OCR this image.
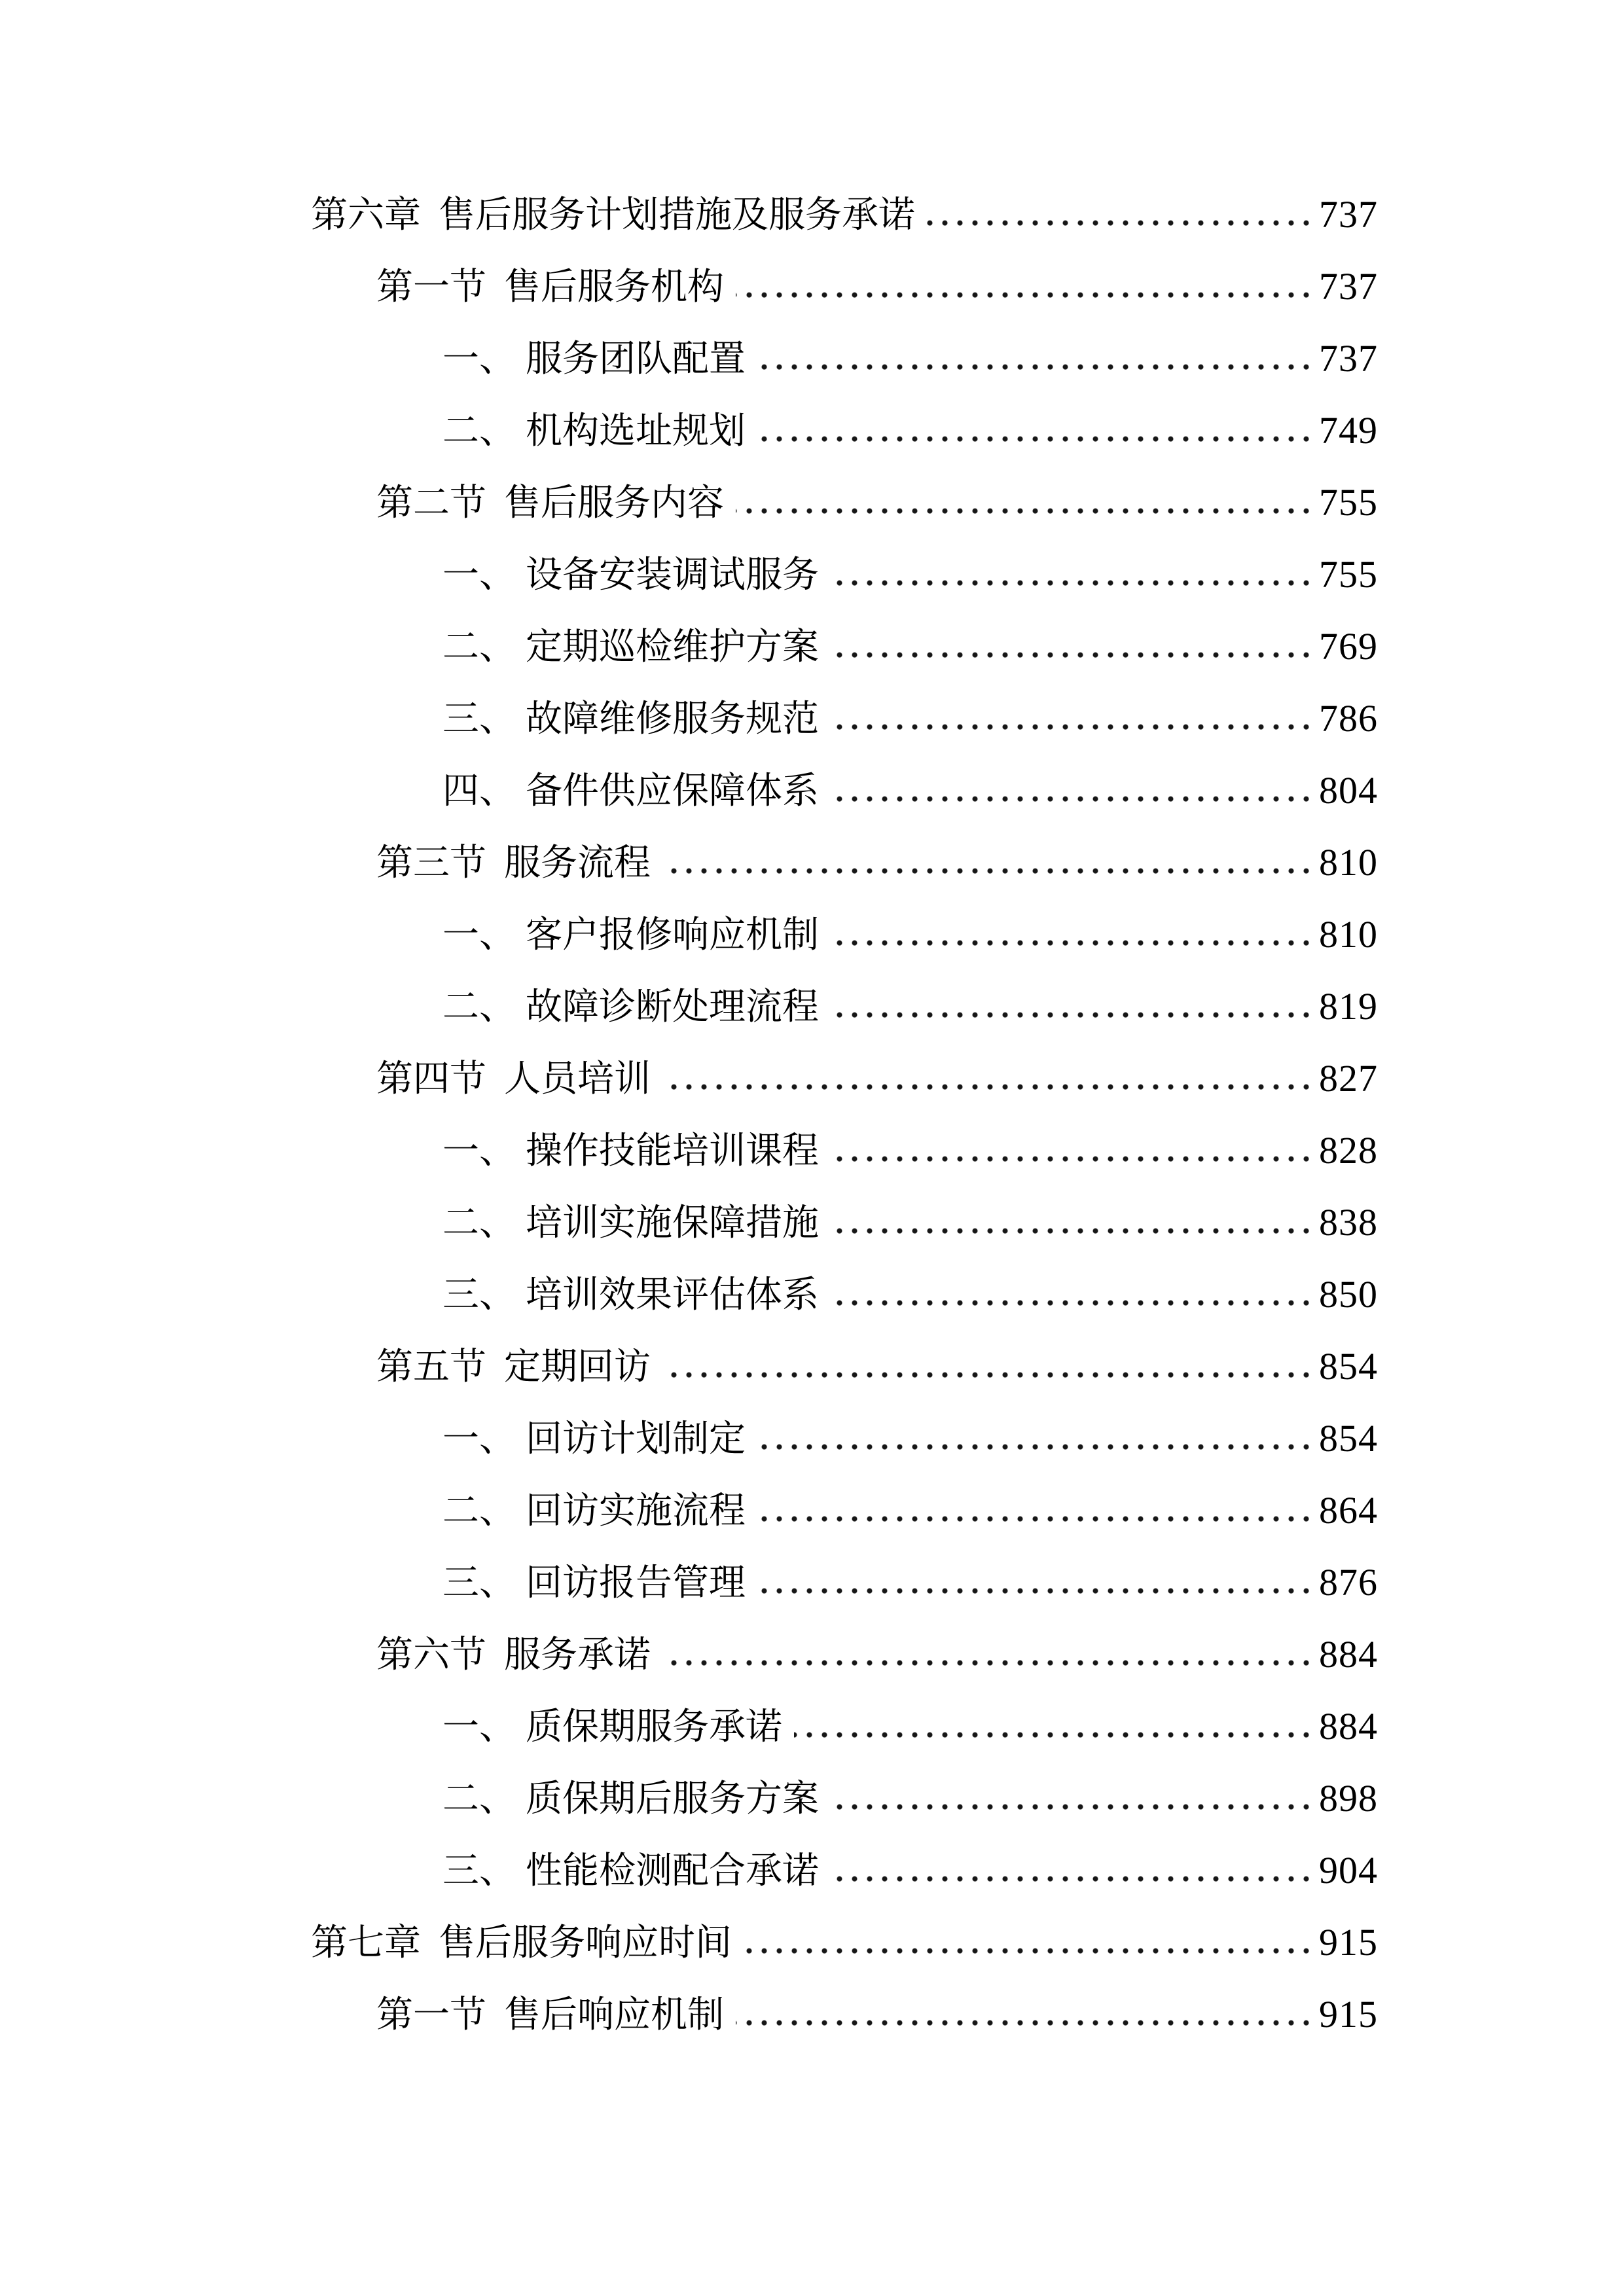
第六章 售后服务计划措施及服务承诺	737
第一节 售后服务机构	737
一、 服务团队配置	737
二、 机构选址规划	749
第二节 售后服务内容	755
一、 设备安装调试服务	755
二、 定期巡检维护方案	769
三、 故障维修服务规范	786
四、 备件供应保障体系	804
第三节 服务流程	810
一、 客户报修响应机制	810
二、 故障诊断处理流程	819
第四节 人员培训	827
一、 操作技能培训课程	828
二、 培训实施保障措施	838
三、 培训效果评估体系	850
第五节 定期回访	854
一、 回访计划制定	854
二、 回访实施流程	864
三、 回访报告管理	876
第六节 服务承诺	884
一、 质保期服务承诺	884
二、 质保期后服务方案	898
三、 性能检测配合承诺	904
第七章 售后服务响应时间	915
第一节 售后响应机制	915
